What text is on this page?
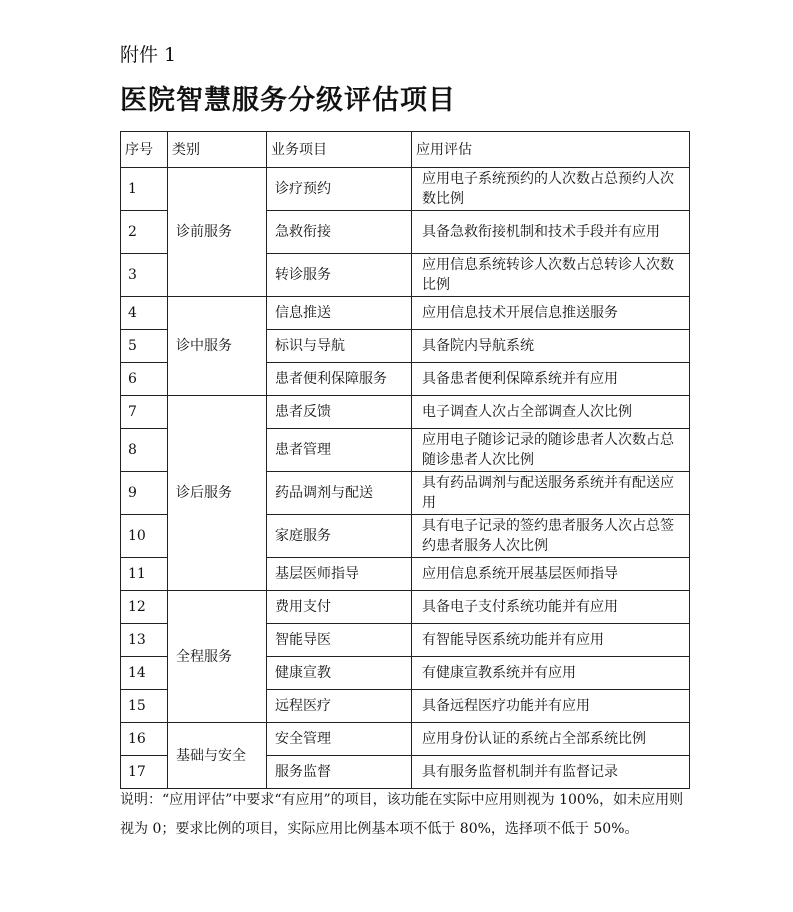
附件 1
医院智慧服务分级评估项目
序号	类别	业务项目	应用评估
1	诊前服务	诊疗预约	应用电子系统预约的人次数占总预约人次数比例
2		急救衔接	具备急救衔接机制和技术手段并有应用
3		转诊服务	应用信息系统转诊人次数占总转诊人次数比例
4	诊中服务	信息推送	应用信息技术开展信息推送服务
5		标识与导航	具备院内导航系统
6		患者便利保障服务	具备患者便利保障系统并有应用
7	诊后服务	患者反馈	电子调查人次占全部调查人次比例
8		患者管理	应用电子随诊记录的随诊患者人次数占总随诊患者人次比例
9		药品调剂与配送	具有药品调剂与配送服务系统并有配送应用
10		家庭服务	具有电子记录的签约患者服务人次占总签约患者服务人次比例
11		基层医师指导	应用信息系统开展基层医师指导
12	全程服务	费用支付	具备电子支付系统功能并有应用
13		智能导医	有智能导医系统功能并有应用
14		健康宣教	有健康宣教系统并有应用
15		远程医疗	具备远程医疗功能并有应用
16	基础与安全	安全管理	应用身份认证的系统占全部系统比例
17		服务监督	具有服务监督机制并有监督记录
说明：“应用评估”中要求“有应用”的项目，该功能在实际中应用则视为 100%，如未应用则视为 0；要求比例的项目，实际应用比例基本项不低于 80%，选择项不低于 50%。
